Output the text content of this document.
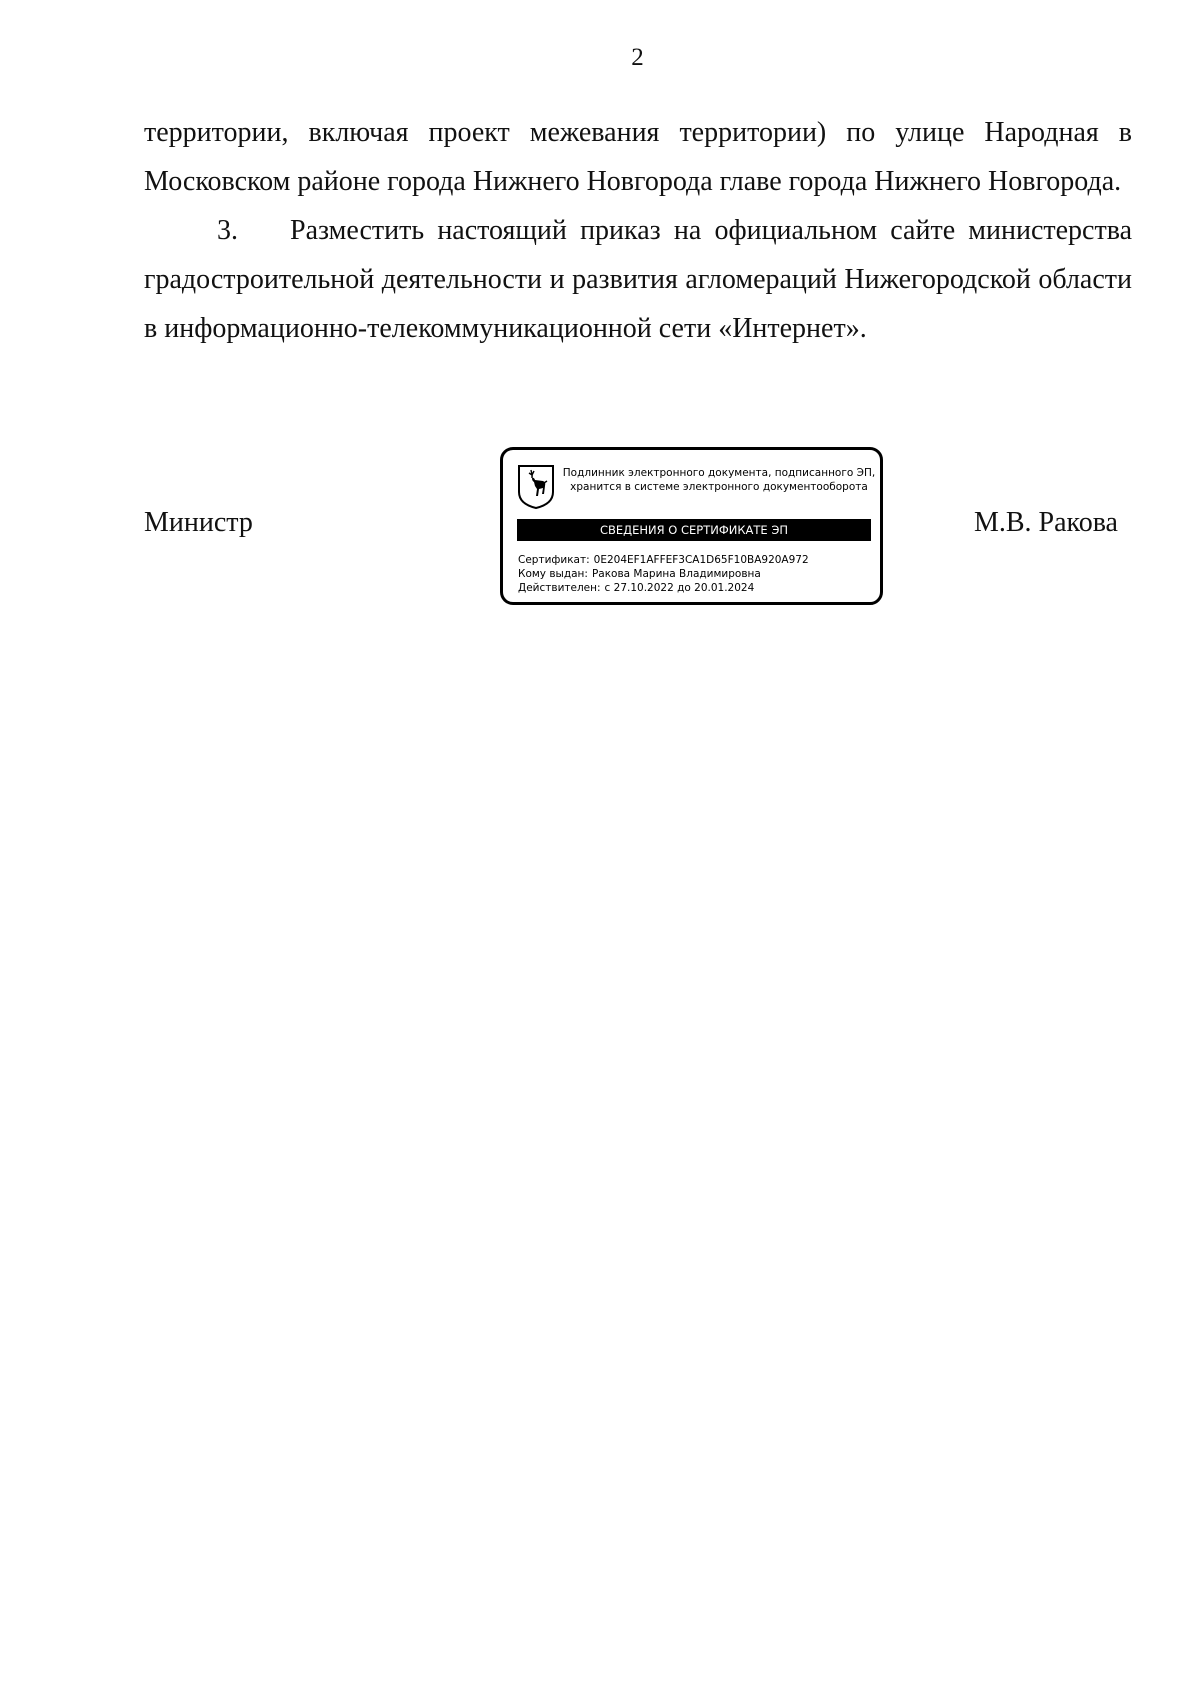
2

территории, включая проект межевания территории) по улице Народная в

Московском районе города Нижнего Новгорода главе города Нижнего Новгорода.

3. Разместить настоящий приказ на официальном сайте министерства градостроительной деятельности и развития агломераций Нижегородской области в информационно-телекоммуникационной сети «Интернет».

Министр	М.В. Ракова
Подлинник электронного документа, подписанного ЭП,
хранится в системе электронного документооборота
СВЕДЕНИЯ О СЕРТИФИКАТЕ ЭП
Сертификат: 0E204EF1AFFEF3CA1D65F10BA920A972
Кому выдан: Ракова Марина Владимировна
Действителен: с 27.10.2022 до 20.01.2024
